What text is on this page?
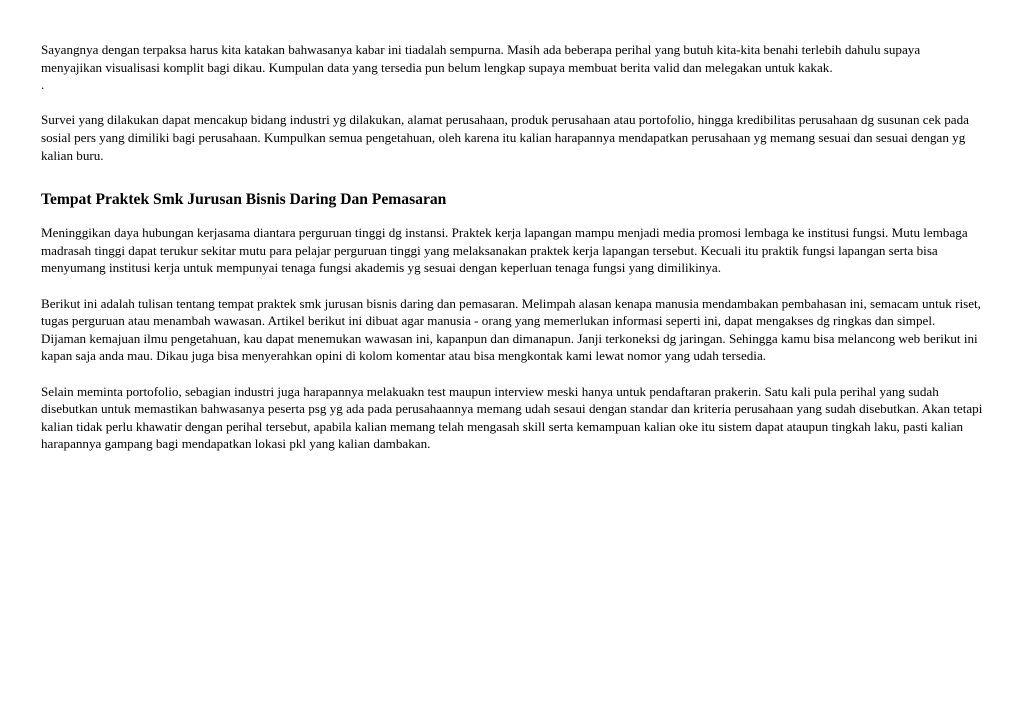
Sayangnya dengan terpaksa harus kita katakan bahwasanya kabar ini tiadalah sempurna. Masih ada beberapa perihal yang butuh kita-kita benahi terlebih dahulu supaya menyajikan visualisasi komplit bagi dikau. Kumpulan data yang tersedia pun belum lengkap supaya membuat berita valid dan melegakan untuk kakak.

.

Survei yang dilakukan dapat mencakup bidang industri yg dilakukan, alamat perusahaan, produk perusahaan atau portofolio, hingga kredibilitas perusahaan dg susunan cek pada sosial pers yang dimiliki bagi perusahaan. Kumpulkan semua pengetahuan, oleh karena itu kalian harapannya mendapatkan perusahaan yg memang sesuai dan sesuai dengan yg kalian buru.

Tempat Praktek Smk Jurusan Bisnis Daring Dan Pemasaran

Meninggikan daya hubungan kerjasama diantara perguruan tinggi dg instansi. Praktek kerja lapangan mampu menjadi media promosi lembaga ke institusi fungsi. Mutu lembaga madrasah tinggi dapat terukur sekitar mutu para pelajar perguruan tinggi yang melaksanakan praktek kerja lapangan tersebut. Kecuali itu praktik fungsi lapangan serta bisa menyumang institusi kerja untuk mempunyai tenaga fungsi akademis yg sesuai dengan keperluan tenaga fungsi yang dimilikinya.

Berikut ini adalah tulisan tentang tempat praktek smk jurusan bisnis daring dan pemasaran. Melimpah alasan kenapa manusia mendambakan pembahasan ini, semacam untuk riset, tugas perguruan atau menambah wawasan. Artikel berikut ini dibuat agar manusia - orang yang memerlukan informasi seperti ini, dapat mengakses dg ringkas dan simpel. Dijaman kemajuan ilmu pengetahuan, kau dapat menemukan wawasan ini, kapanpun dan dimanapun. Janji terkoneksi dg jaringan. Sehingga kamu bisa melancong web berikut ini kapan saja anda mau. Dikau juga bisa menyerahkan opini di kolom komentar atau bisa mengkontak kami lewat nomor yang udah tersedia.

Selain meminta portofolio, sebagian industri juga harapannya melakuakn test maupun interview meski hanya untuk pendaftaran prakerin. Satu kali pula perihal yang sudah disebutkan untuk memastikan bahwasanya peserta psg yg ada pada perusahaannya memang udah sesaui dengan standar dan kriteria perusahaan yang sudah disebutkan. Akan tetapi kalian tidak perlu khawatir dengan perihal tersebut, apabila kalian memang telah mengasah skill serta kemampuan kalian oke itu sistem dapat ataupun tingkah laku, pasti kalian harapannya gampang bagi mendapatkan lokasi pkl yang kalian dambakan.
